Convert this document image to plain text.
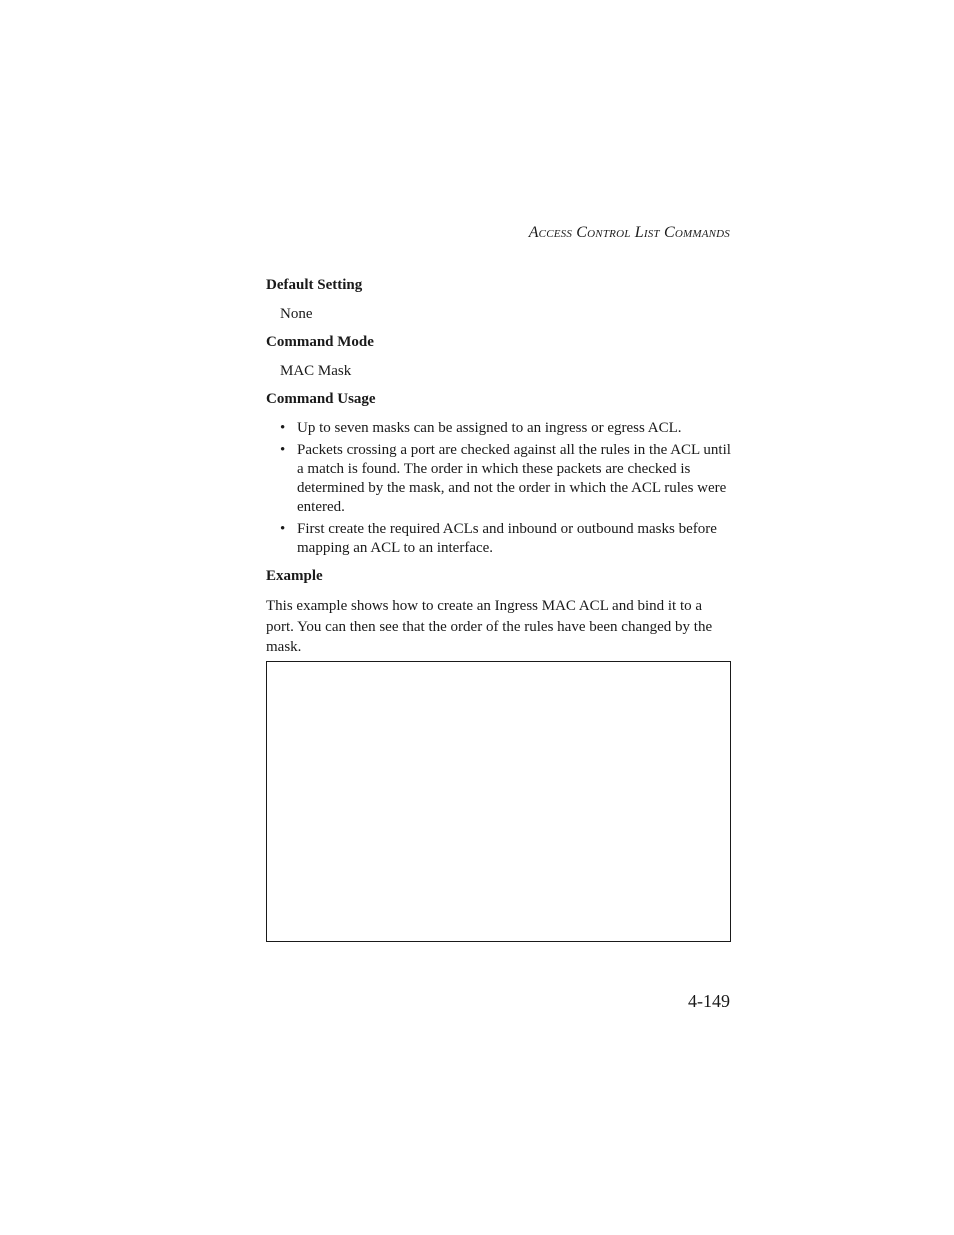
Access Control List Commands
Default Setting
None
Command Mode
MAC Mask
Command Usage
• Up to seven masks can be assigned to an ingress or egress ACL.
• Packets crossing a port are checked against all the rules in the ACL until a match is found. The order in which these packets are checked is determined by the mask, and not the order in which the ACL rules were entered.
• First create the required ACLs and inbound or outbound masks before mapping an ACL to an interface.
Example

This example shows how to create an Ingress MAC ACL and bind it to a port. You can then see that the order of the rules have been changed by the mask.

4-149
